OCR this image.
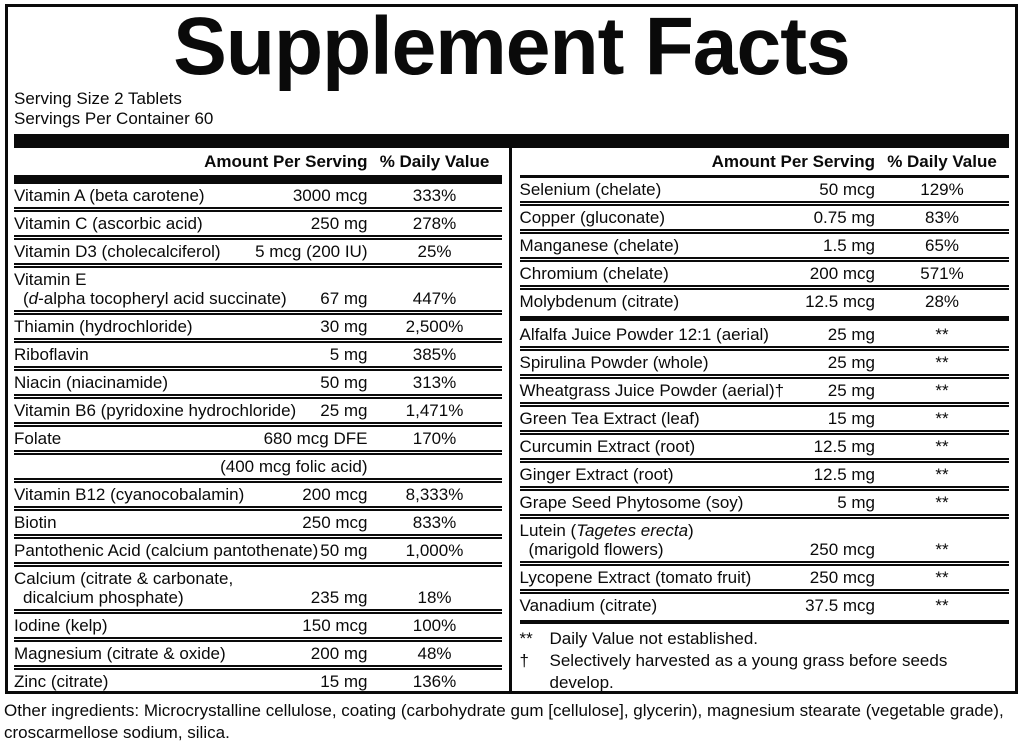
Supplement Facts
Serving Size 2 Tablets
Servings Per Container 60
Amount Per Serving % Daily Value
Vitamin A (beta carotene)	3000 mcg	333%
Vitamin C (ascorbic acid)	250 mg	278%
Vitamin D3 (cholecalciferol)	5 mcg (200 IU)	25%
Vitamin E
(d-alpha tocopheryl acid succinate)	67 mg	447%
Thiamin (hydrochloride)	30 mg	2,500%
Riboflavin	5 mg	385%
Niacin (niacinamide)	50 mg	313%
Vitamin B6 (pyridoxine hydrochloride)	25 mg	1,471%
Folate	680 mcg DFE	170%
(400 mcg folic acid)
Vitamin B12 (cyanocobalamin)	200 mcg	8,333%
Biotin	250 mcg	833%
Pantothenic Acid (calcium pantothenate) 50 mg	1,000%
Calcium (citrate & carbonate,
dicalcium phosphate)	235 mg	18%
Iodine (kelp)	150 mcg	100%
Magnesium (citrate & oxide)	200 mg	48%
Zinc (citrate)	15 mg	136%
Amount Per Serving % Daily Value
Selenium (chelate)	50 mcg	129%
Copper (gluconate)	0.75 mg	83%
Manganese (chelate)	1.5 mg	65%
Chromium (chelate)	200 mcg	571%
Molybdenum (citrate)	12.5 mcg	28%
Alfalfa Juice Powder 12:1 (aerial)	25 mg	**
Spirulina Powder (whole)	25 mg	**
Wheatgrass Juice Powder (aerial)†	25 mg	**
Green Tea Extract (leaf)	15 mg	**
Curcumin Extract (root)	12.5 mg	**
Ginger Extract (root)	12.5 mg	**
Grape Seed Phytosome (soy)	5 mg	**
Lutein (Tagetes erecta)
(marigold flowers)	250 mcg	**
Lycopene Extract (tomato fruit)	250 mcg	**
Vanadium (citrate)	37.5 mcg	**
** Daily Value not established.
†	Selectively harvested as a young grass before seeds develop.
Other ingredients: Microcrystalline cellulose, coating (carbohydrate gum [cellulose], glycerin), magnesium stearate (vegetable grade), croscarmellose sodium, silica.
